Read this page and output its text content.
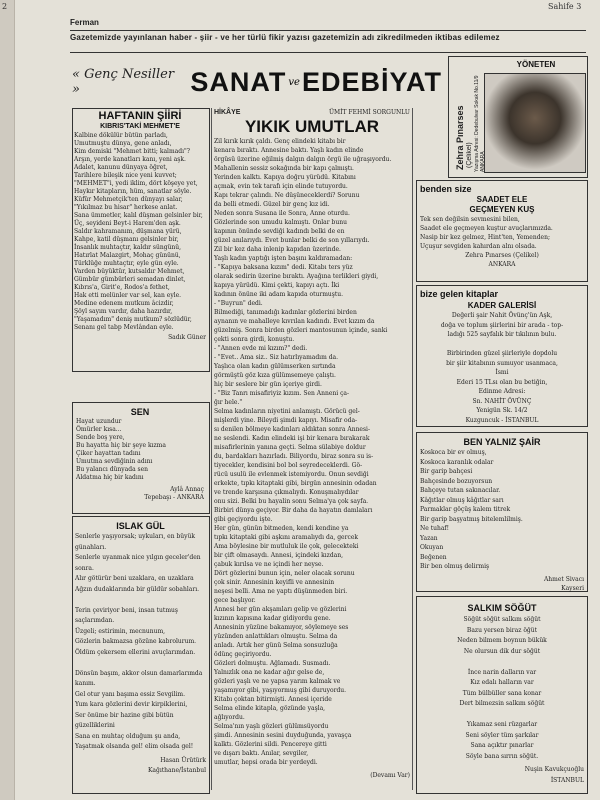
2	Sahife 3
Ferman
Gazetemizde yayınlanan haber - şiir - ve her türlü fikir yazısı gazetemizin adı zikredilmeden iktibas edilemez
« Genç Nesiller »	SANAT ve EDEBİYAT
YÖNETEN
Zehra Pınarses (Çelikel) Yazışma Adresi: Dedebulvar Sokak No.11/9 ANKARA

HAFTANIN ŞİİRİ

KIBRIS'TAKİ MEHMET'E

Kalbine dökülür bütün parladı,

Umutmuştu dünya, gene anladı,

Kim demiski "Mehmet bitti; kalmadı"?

Arşın, yerde kanatları kanı, yeni aşk.

Adalet, kanunu dünyaya öğret,

Tarihlere bileşik nice yeni kuvvet;

"MEHMET"i, yedi iklim, dört köşeye yet,

Haykır kitapların, hüm, sanatlar söyle.

Küfür Mehmetçik'ten dünyayı salar,

"Yıkılmaz bu hisar" herkese anlat.

Sana ümmetler, kalıl düşman gelsinler bir,

Üç, seyideni Beyt-i Harem'den aşk.

Saldır kahramanım, düşmana yürü,

Kahpe, katil düşmanı gelsinler bir,

İnsanlık muhtaçtır, kaldır süngünü,

Hatırlat Malazgirt, Mohaç gününü,

Türklüğe muhtaçtır, eyle gün eyle.

Varden büyüktür, kutsaldır Mehmet,

Gümbür gümbürleri semadan dinlet,

Kıbrıs'a, Girit'e, Rodos'a fethet,

Hak etti melünler var sel, kan eyle.

Medine edenem mutkum âcizdir,

Şöyl sayım vardır, daha hazırdır,

"Yaşamadım" deniş mutkum? sözlüdür,

Senanı gel tabp Mevlândan eyle.

Sadık Güner

SEN

Hayat uzundur

Ömürler kısa...

Sende boş yere,

Bu hayatta hiç bir şeye kızma

Çiker hayattan tadını

Umutma sevdiğinin adını

Bu yalancı dünyada sen

Aldatma hiç bir kadını

Aylâ Annaç

Tepebaşı - ANKARA

ISLAK GÜL

Senlerle yaşıyorsak; uykuları, en büyük

günahları.

Senlerle uyanmak nice yılgın geceler'den

sonra.

Alır götürür beni uzaklara, en uzaklara

Ağzın dudaklarında bir güldür sobahları.

Terin çeviriyor beni, insan tutmuş

saçlarımdan.

Üzgeli; estirimin, mecnunum,

Gözlerin bakmazsa gözüne kabrolurum.

Öldüm çekersem ellerini avuçlarımdan.

Dönsün başım, akkor olsun damarlarımda

kanım.

Gel otur yanı başıma essiz Sevgilim.

Yum kara gözlerini devir kirpiklerini,

Ser önüme bir hazine gibi bütün

güzelliklerini

Sana en muhtaç olduğum şu anda,

Yaşatmak olsanda gel! elim olsada gel!

Hasan Ürütürk

Kağıthane/İstanbul

HİKÂYE	ÜMİT FEHMİ SORGUNLU

YIKIK UMUTLAR

Zil kırık kırık çaldı. Genç elindeki kitabı bir

kenara bıraktı. Annesine baktı. Yaşlı kadın elinde

örgüsü üzerine eğilmiş dalgın dalgın örgü ile uğraşıyordu.

Mahallenin sessiz sokağında bir kapı çalmıştı.

Yerinden kalktı. Kapıya doğru yürüdü. Kitabını

açmak, evin tek tarafı için elinde tutuyordu.

Kapı tekrar çalındı. Ne düşüneceklerdi? Sorunu

da belli etmedi. Güzel bir genç kız idi.

Neden sonra Susana ile Sonra, Anne oturdu.

Gözlerinde son umudu kalmıştı. Onlar bunu

kapının önünde sevdiği kadındı belki de en

güzel anılarıydı. Evet bunlar belki de son yıllarıydı.

Zil bir kez daha inlenip kapıdan üzerinde.

Yaşlı kadın yaptığı işten başını kaldıramadan:

- "Kapıya baksana kızım" dedi. Kitabı ters yüz

olarak sedirin üzerine bıraktı. Ayağına terlikleri giydi,

kapıya yürüdü. Kimi çekti, kapıyı açtı. İki

kadının önüne iki adam kapıda oturmuştu.

- "Buyrun" dedi.

Bilmediği, tanımadığı kadınlar gözlerini birden

aynanın ve mahalleye kıvrılan kadındı. Evet kızım da

güzelmiş. Sonra birden gözleri mantosunun içinde, sanki

çekti sonra girdi, konuştu.

- "Annen evde mi kızım?" dedi.

- "Evet.. Ama siz.. Siz hatırlıyamadım da.

Yaşlıca olan kadın gülümserken sırtında

görmüştü göz kıza gülümsemeye çalıştı.

hiç bir seslere bir gün içeriye girdi.

- "Biz Tanrı misafiriyiz kızım. Sen Anneni ça-

ğır hele."

Selma kadınların niyetini anlamıştı. Görücü gel-

mişlerdi yine. Bileydi şimdi kapıyı. Misafir oda-

sı denilen bölmeye kadınları aldıktan sonra Annesi-

ne seslendi. Kadın elindeki işi bir kenara bırakarak

misafirlerinin yanına geçti. Selma sülabiye doldur

du, bardakları hazırladı. Biliyordu, biraz sonra su is-

tiyecekler, kendisini bol bol seyredeceklerdi. Gö-

rücü usulü ile evlenmek istemiyordu. Onun sevdiği

erkekte, tıpkı kitaptaki gibi, birgün annesinin odadan

ve trende karşısına çıkmalıydı. Konuşmalıydılar

onu sizi. Belki bu hayalin sonu Selma'ya çok sayfa.

Birbiri dünya geçiyor. Bir daha da hayatın damlaları

gibi geçiyordu işte.

Her gün, günün bitmeden, kendi kendine ya

tıpkı kitaptaki gibi aşkını aramalıydı da, gercek

Ama böylesine bir mutluluk ile çok, gelecekteki

bir çift olmasaydı. Annesi, içindeki kızdan,

çabuk kırılsa ve ne içindi her neyse.

Dört gözlerini bunun için, neler olacak sorunu

çok sinir. Annesinin keyifli ve annesinin

neşesi belli. Ama ne yaptı düşünmeden biri.

gece başlıyor.

Annesi her gün akşamları gelip ve gözlerini

kızının kapısına kadar gidiyordu gene.

Annesinin yüzüne bakamıyor, söylemeye ses

yüzünden anlattıkları olmuştu. Selma da

anladı. Artık her günü Selma sonsuzluğa

ödünç geçiriyordu.

Gözleri dolmuştu. Ağlamadı. Susmadı.

Yalnızlık ona ne kadar ağır gelse de,

gözleri yaşlı ve ne yapsa yarım kalmak ve

yaşamıyor gibi, yaşıyormuş gibi duruyordu.

Kitabı çoktan bitirmişti. Annesi içeride

Selma elinde kitapla, gözünde yaşla,

ağlıyordu.

Selma'nın yaşlı gözleri gülümsüyordu

şimdi. Annesinin sesini duyduğunda, yavaşça

kalktı. Gözlerini sildi. Pencereye gitti

ve dışarı baktı. Anılar, sevgiler,

umutlar, hepsi orada bir yerdeydi.

(Devamı Var)

benden size

SAADET ELE

GEÇMEYEN KUŞ

Tek sen değilsin sevmesini bilen,

Saadet ele geçmeyen kuştur avuçlarımızda.

Nasip bir kez gelmez, Hint'ten, Yemenden;

Uçuşur sevgiden kahırdan alnı olsada.

Zehra Pınarses (Çelikel)

ANKARA

bize gelen kitaplar

KADER GALERİSİ

Değerli şair Nahit Övünç'ün Aşk,

doğa ve toplum şiirlerini bir arada - top-

ladığı 525 sayfalık bir tıkılının bulu.

Birbirinden güzel şiirleriyle dopdolu

bir şiir kitabının sumuyor usanmaca,

İsmi

Ederi 15 TLsı olan bu betiğin,

Edinme Adresi:

Sn. NAHİT ÖVÜNÇ

Yenigün Sk. 14/2

Kuzguncuk - İSTANBUL

BEN YALNIZ ŞAİR

Koskoca bir ev olmuş,

Koskoca karanlık odalar

Bir garip bahçesi

Bahçesinde bozuyorsun

Bahçeye tutan sakınacılar.

Kâğıtlar olmuş kâğıtlar sarı

Parmaklar göçüş kalem titrek

Bir garip başyatmış bitelemlilmiş.

Ne tuhaf!

Yazan

Okuyan

Beğenen

Bir ben olmuş delirmiş

Ahmet Sivacı

Kayseri

SALKIM SÖĞÜT

Söğüt söğüt salkım söğüt

Bazu yersen biraz öğüt

Neden bilmem boynun bükük

Ne olursun dik dur söğüt

İnce narin dalların var

Kız edalı halların var

Tüm bülbüller sana konar

Dert bilmezsin salkım söğüt

Yıkamaz seni rüzgarlar

Seni söyler tüm şarkılar

Sana açıktır pınarlar

Söyle bana sırrın söğüt.

Nuşin Kavukçuoğlu

İSTANBUL
